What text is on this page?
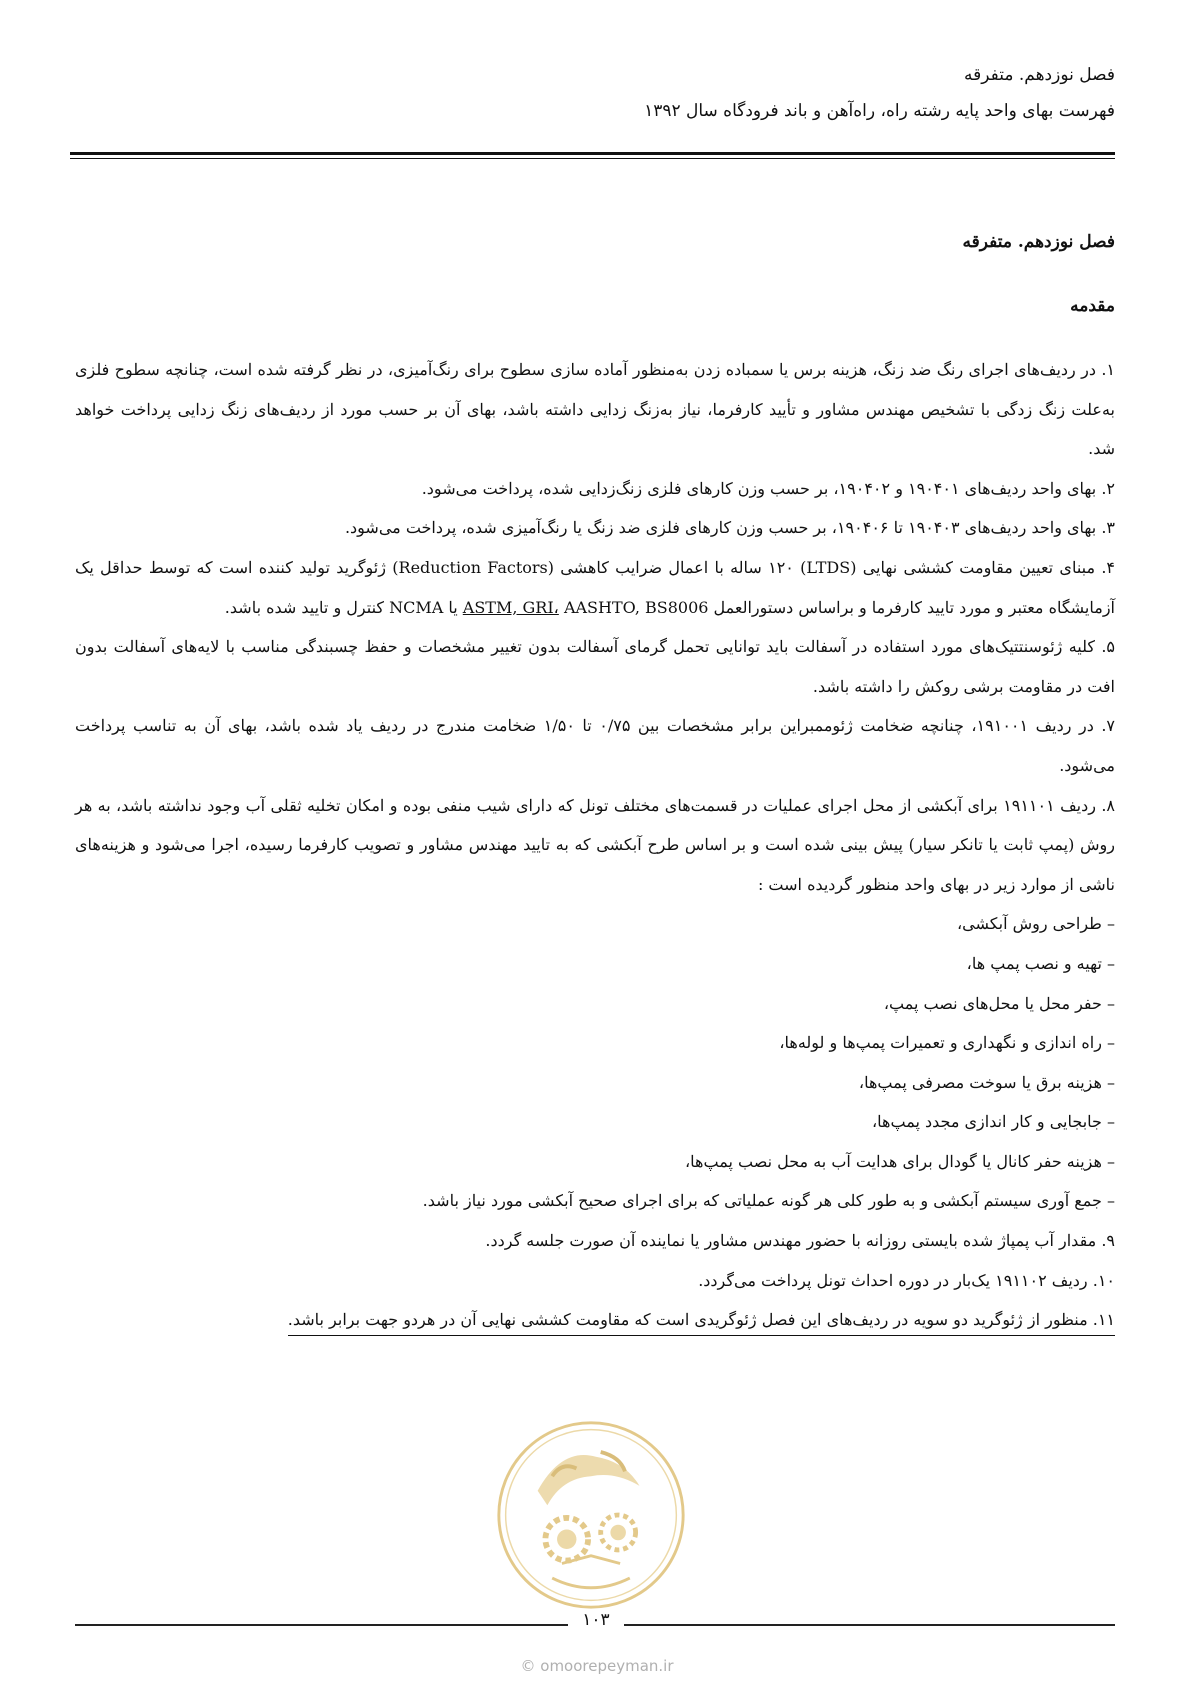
فصل نوزدهم. متفرقه
فهرست بهای واحد پایه رشته راه، راه‌آهن و باند فرودگاه سال ۱۳۹۲
فصل نوزدهم. متفرقه
مقدمه

۱. در ردیف‌های اجرای رنگ ضد زنگ، هزینه برس یا سمباده زدن به‌منظور آماده سازی سطوح برای رنگ‌آمیزی، در نظر گرفته شده است، چنانچه سطوح فلزی به‌علت زنگ زدگی با تشخیص مهندس مشاور و تأیید کارفرما، نیاز به‌زنگ زدایی داشته باشد، بهای آن بر حسب مورد از ردیف‌های زنگ زدایی پرداخت خواهد شد.

۲. بهای واحد ردیف‌های ۱۹۰۴۰۱ و ۱۹۰۴۰۲، بر حسب وزن کارهای فلزی زنگ‌زدایی شده، پرداخت می‌شود.

۳. بهای واحد ردیف‌های ۱۹۰۴۰۳ تا ۱۹۰۴۰۶، بر حسب وزن کارهای فلزی ضد زنگ یا رنگ‌آمیزی شده، پرداخت می‌شود.

۴. مبنای تعیین مقاومت کششی نهایی (LTDS) ۱۲۰ ساله با اعمال ضرایب کاهشی (Reduction Factors) ژئوگرید تولید کننده است که توسط حداقل یک آزمایشگاه معتبر و مورد تایید کارفرما و براساس دستورالعمل ASTM, GRI، AASHTO, BS8006 یا NCMA کنترل و تایید شده باشد.

۵. کلیه ژئوسنتتیک‌های مورد استفاده در آسفالت باید توانایی تحمل گرمای آسفالت بدون تغییر مشخصات و حفظ چسبندگی مناسب با لایه‌های آسفالت بدون افت در مقاومت برشی روکش را داشته باشد.

۷. در ردیف ۱۹۱۰۰۱، چنانچه ضخامت ژئوممبراین برابر مشخصات بین ۰/۷۵ تا ۱/۵۰ ضخامت مندرج در ردیف یاد شده باشد، بهای آن به تناسب پرداخت می‌شود.

۸. ردیف ۱۹۱۱۰۱ برای آبکشی از محل اجرای عملیات در قسمت‌های مختلف تونل که دارای شیب منفی بوده و امکان تخلیه ثقلی آب وجود نداشته باشد، به هر روش (پمپ ثابت یا تانکر سیار) پیش بینی شده است و بر اساس طرح آبکشی که به تایید مهندس مشاور و تصویب کارفرما رسیده، اجرا می‌شود و هزینه‌های ناشی از موارد زیر در بهای واحد منظور گردیده است :

– طراحی روش آبکشی،
– تهیه و نصب پمپ ها،
– حفر محل یا محل‌های نصب پمپ،
– راه اندازی و نگهداری و تعمیرات پمپ‌ها و لوله‌ها،
– هزینه برق یا سوخت مصرفی پمپ‌ها،
– جابجایی و کار اندازی مجدد پمپ‌ها،
– هزینه حفر کانال یا گودال برای هدایت آب به محل نصب پمپ‌ها،
– جمع آوری سیستم آبکشی و به طور کلی هر گونه عملیاتی که برای اجرای صحیح آبکشی مورد نیاز باشد.

۹. مقدار آب پمپاژ شده بایستی روزانه با حضور مهندس مشاور یا نماینده آن صورت جلسه گردد.

۱۰. ردیف ۱۹۱۱۰۲ یک‌بار در دوره احداث تونل پرداخت می‌گردد.

۱۱. منظور از ژئوگرید دو سویه در ردیف‌های این فصل ژئوگریدی است که مقاومت کششی نهایی آن در هردو جهت برابر باشد.

۱۰۳
© omoorepeyman.ir
